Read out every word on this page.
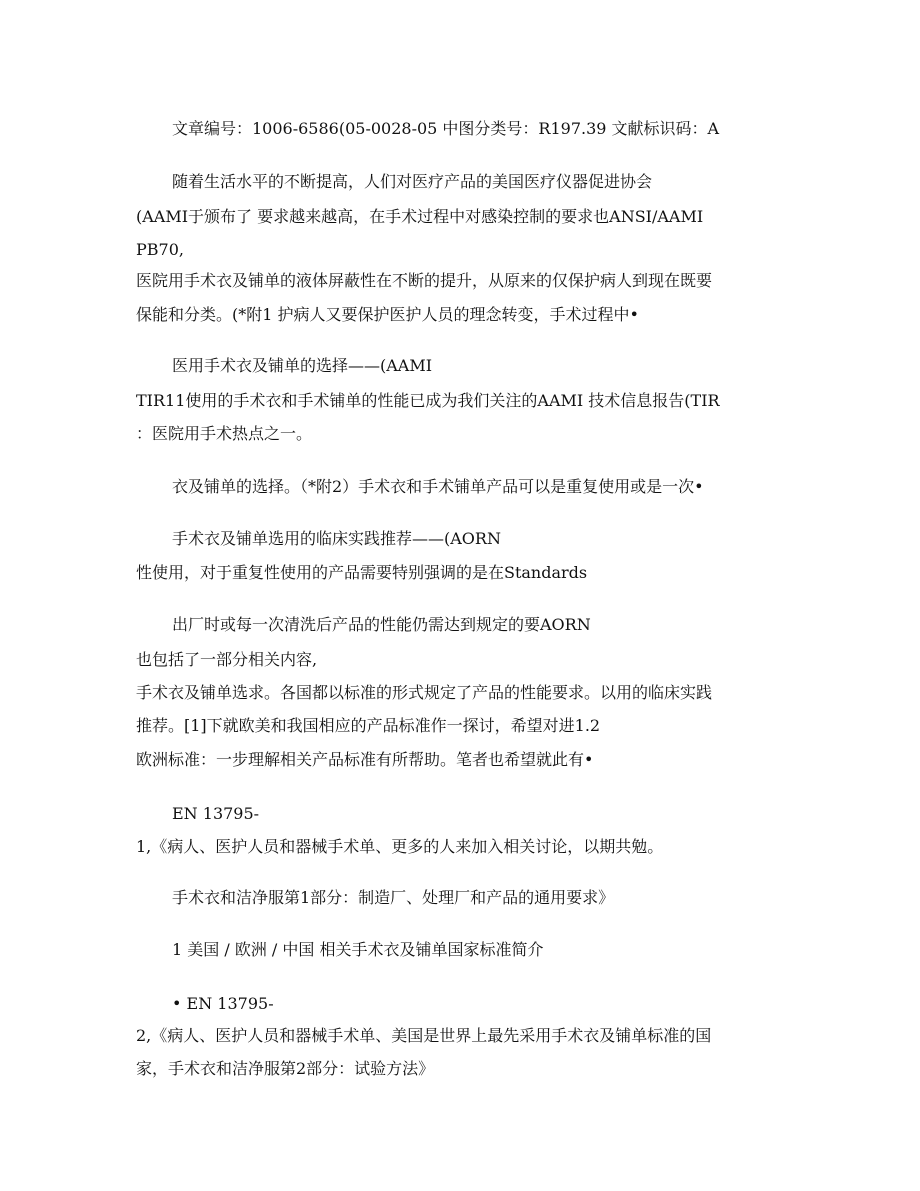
文章编号：1006-6586(05-0028-05 中图分类号：R197.39 文献标识码：A

随着生活水平的不断提高，人们对医疗产品的美国医疗仪器促进协会

(AAMI于颁布了 要求越来越高，在手术过程中对感染控制的要求也ANSI/AAMI

PB70,

医院用手术衣及铺单的液体屏蔽性在不断的提升，从原来的仅保护病人到现在既要

保能和分类。(*附1 护病人又要保护医护人员的理念转变，手术过程中•

医用手术衣及铺单的选择——(AAMI

TIR11使用的手术衣和手术铺单的性能已成为我们关注的AAMI 技术信息报告(TIR

：医院用手术热点之一。

衣及铺单的选择。（*附2）手术衣和手术铺单产品可以是重复使用或是一次•

手术衣及铺单选用的临床实践推荐——(AORN

性使用，对于重复性使用的产品需要特别强调的是在Standards

出厂时或每一次清洗后产品的性能仍需达到规定的要AORN

也包括了一部分相关内容,

手术衣及铺单选求。各国都以标准的形式规定了产品的性能要求。以用的临床实践

推荐。[1]下就欧美和我国相应的产品标准作一探讨，希望对进1.2

欧洲标准：一步理解相关产品标准有所帮助。笔者也希望就此有•

EN 13795-

1,《病人、医护人员和器械手术单、更多的人来加入相关讨论，以期共勉。

手术衣和洁净服第1部分：制造厂、处理厂和产品的通用要求》

1 美国 / 欧洲 / 中国 相关手术衣及铺单国家标准简介

• EN 13795-

2,《病人、医护人员和器械手术单、美国是世界上最先采用手术衣及铺单标准的国

家，手术衣和洁净服第2部分：试验方法》
